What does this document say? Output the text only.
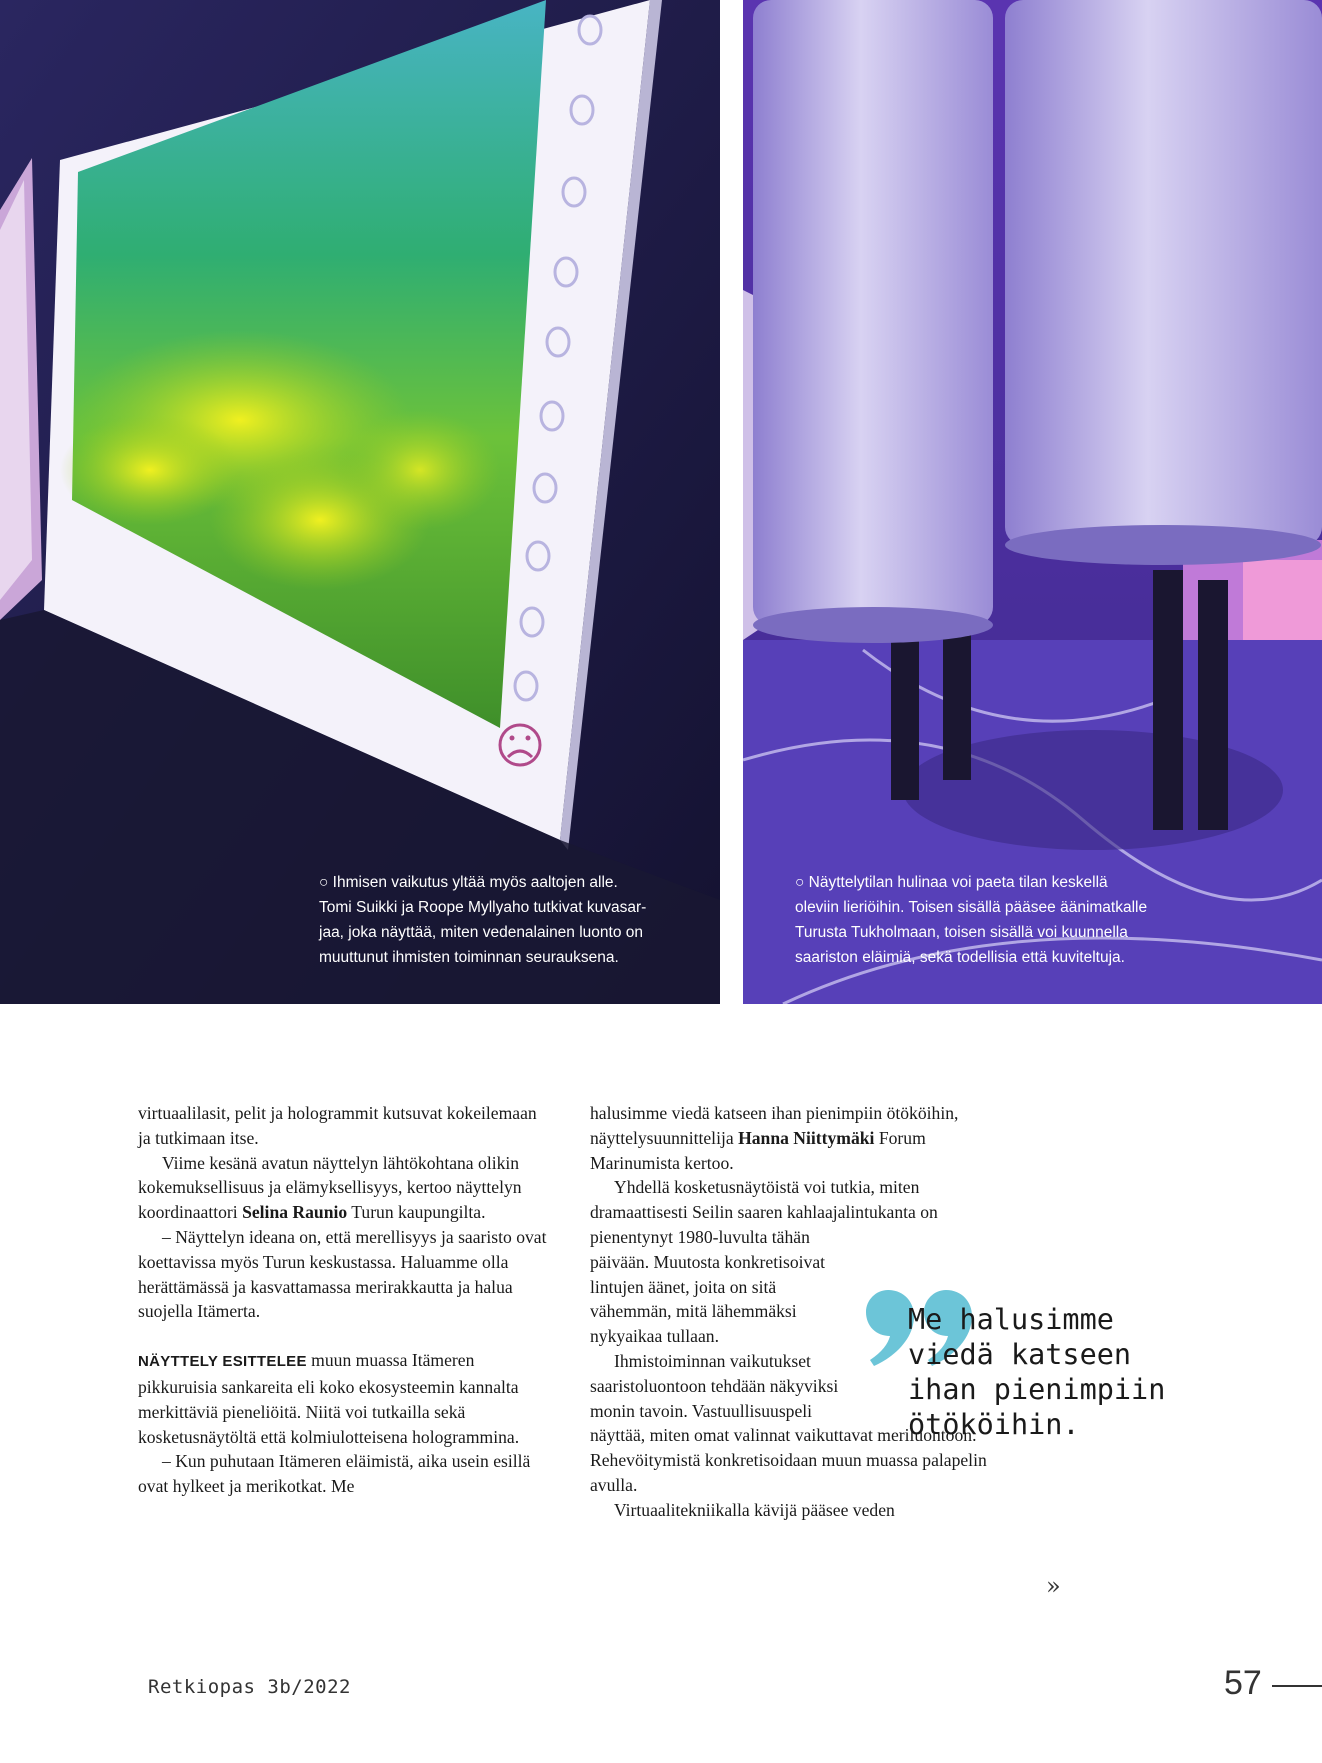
○ Ihmisen vaikutus yltää myös aaltojen alle.
Tomi Suikki ja Roope Myllyaho tutkivat kuvasar-
jaa, joka näyttää, miten vedenalainen luonto on
muuttunut ihmisten toiminnan seurauksena.
○ Näyttelytilan hulinaa voi paeta tilan keskellä
oleviin lieriöihin. Toisen sisällä pääsee äänimatkalle
Turusta Tukholmaan, toisen sisällä voi kuunnella
saariston eläimiä, sekä todellisia että kuviteltuja.

virtuaalilasit, pelit ja hologrammit kutsuvat kokeilemaan ja tutkimaan itse.

Viime kesänä avatun näyttelyn lähtökohtana olikin kokemuksellisuus ja elämyksellisyys, kertoo näyttelyn koordinaattori Selina Raunio Turun kaupungilta.

– Näyttelyn ideana on, että merellisyys ja saaristo ovat koettavissa myös Turun keskustassa. Haluamme olla herättämässä ja kasvattamassa merirakkautta ja halua suojella Itämerta.

NÄYTTELY ESITTELEE muun muassa Itämeren pikkuruisia sankareita eli koko ekosysteemin kannalta merkittäviä pieneliöitä. Niitä voi tutkailla sekä kosketusnäytöltä että kolmiulotteisena hologrammina.

– Kun puhutaan Itämeren eläimistä, aika usein esillä ovat hylkeet ja merikotkat. Me

halusimme viedä katseen ihan pienimpiin ötököihin, näyttelysuunnittelija Hanna Niittymäki Forum Marinumista kertoo.

Yhdellä kosketusnäytöistä voi tutkia, miten dramaattisesti Seilin saaren kahlaajalintukanta on pienentynyt 1980-luvulta tähän

päivään. Muutosta konkretisoivat lintujen äänet, joita on sitä vähemmän, mitä lähemmäksi nykyaikaa tullaan.

Ihmistoiminnan vaikutukset saaristoluontoon tehdään näkyviksi monin tavoin. Vastuullisuuspeli

näyttää, miten omat valinnat vaikuttavat meriluontoon. Rehevöitymistä konkretisoidaan muun muassa palapelin avulla.

Virtuaalitekniikalla kävijä pääsee veden

Me halusimme
viedä katseen
ihan pienimpiin
ötököihin.
»
Retkiopas 3b/2022	57
